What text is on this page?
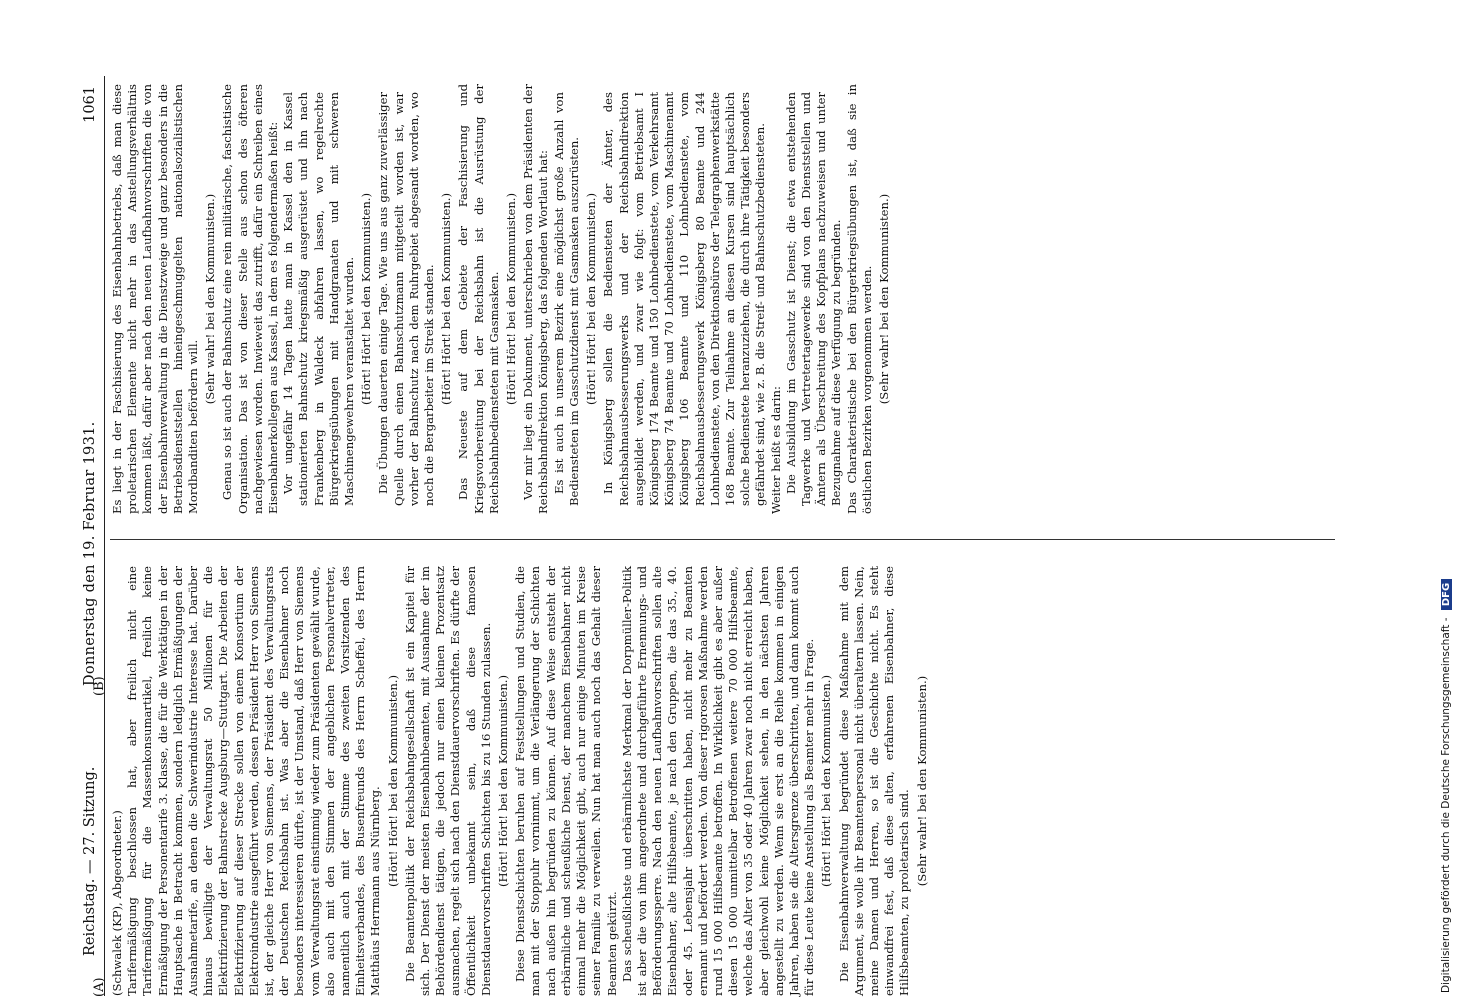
Reichstag. — 27. Sitzung.
Donnerstag den 19. Februar 1931.
1061
(A)
(B)

(Schwalek (KP), Abgeordneter.) Tarifermäßigung beschlossen hat, aber freilich nicht eine Tarifermäßigung für die Massenkonsumartikel, freilich keine Ermäßigung der Personentarife 3. Klasse, die für die Werktätigen in der Hauptsache in Betracht kommen, sondern lediglich Ermäßigungen der Ausnahmetarife, an denen die Schwerindustrie Interesse hat. Darüber hinaus bewilligte der Verwaltungsrat 50 Millionen für die Elektrifizierung der Bahnstrecke Augsburg—Stuttgart. Die Arbeiten der Elektrifizierung auf dieser Strecke sollen von einem Konsortium der Elektroindustrie ausgeführt werden, dessen Präsident Herr von Siemens ist, der gleiche Herr von Siemens, der Präsident des Verwaltungsrats der Deutschen Reichsbahn ist. Was aber die Eisenbahner noch besonders interessieren dürfte, ist der Umstand, daß Herr von Siemens vom Verwaltungsrat einstimmig wieder zum Präsidenten gewählt wurde, also auch mit den Stimmen der angeblichen Personalvertreter, namentlich auch mit der Stimme des zweiten Vorsitzenden des Einheitsverbandes, des Busenfreunds des Herrn Scheffel, des Herrn Matthäus Herrmann aus Nürnberg.

(Hört! Hört! bei den Kommunisten.) Die Beamtenpolitik der Reichsbahngesellschaft ist ein Kapitel für sich. Der Dienst der meisten Eisenbahnbeamten, mit Ausnahme der im Behördendienst tätigen, die jedoch nur einen kleinen Prozentsatz ausmachen, regelt sich nach den Dienstdauervorschriften. Es dürfte der Öffentlichkeit unbekannt sein, daß diese famosen Dienstdauervorschriften Schichten bis zu 16 Stunden zulassen. (Hört! Hört! bei den Kommunisten.) Diese Dienstschichten beruhen auf Feststellungen und Studien, die man mit der Stoppuhr vornimmt, um die Verlängerung der Schichten nach außen hin begründen zu können. Auf diese Weise entsteht der erbärmliche und scheußliche Dienst, der manchem Eisenbahner nicht einmal mehr die Möglichkeit gibt, auch nur einige Minuten im Kreise seiner Familie zu verweilen. Nun hat man auch noch das Gehalt dieser Beamten gekürzt. Das scheußlichste und erbärmlichste Merkmal der Dorpmüller-Politik ist aber die von ihm angeordnete und durchgeführte Ernennungs- und Beförderungssperre. Nach den neuen Laufbahnvorschriften sollen alte Eisenbahner, alte Hilfsbeamte, je nach den Gruppen, die das 35., 40. oder 45. Lebensjahr überschritten haben, nicht mehr zu Beamten ernannt und befördert werden. Von dieser rigorosen Maßnahme werden rund 15 000 Hilfsbeamte betroffen. In Wirklichkeit gibt es aber außer diesen 15 000 unmittelbar Betroffenen weitere 70 000 Hilfsbeamte, welche das Alter von 35 oder 40 Jahren zwar noch nicht erreicht haben, aber gleichwohl keine Möglichkeit sehen, in den nächsten Jahren angestellt zu werden. Wenn sie erst an die Reihe kommen in einigen Jahren, haben sie die Altersgrenze überschritten, und dann kommt auch für diese Leute keine Anstellung als Beamter mehr in Frage. (Hört! Hört! bei den Kommunisten.) Die Eisenbahnverwaltung begründet diese Maßnahme mit dem Argument, sie wolle ihr Beamtenpersonal nicht überaltern lassen. Nein, meine Damen und Herren, so ist die Geschichte nicht. Es steht einwandfrei fest, daß diese alten, erfahrenen Eisenbahner, diese Hilfsbeamten, zu proletarisch sind.

(Sehr wahr! bei den Kommunisten.)

Es liegt in der Faschisierung des Eisenbahnbetriebs, daß man diese proletarischen Elemente nicht mehr in das Anstellungsverhältnis kommen läßt, dafür aber nach den neuen Laufbahnvorschriften die von der Eisenbahnverwaltung in die Dienstzweige und ganz besonders in die Betriebsdienststellen hineingeschmuggelten nationalsozialistischen Mordbanditen befördern will.

(Sehr wahr! bei den Kommunisten.) Genau so ist auch der Bahnschutz eine rein militärische, faschistische Organisation. Das ist von dieser Stelle aus schon des öfteren nachgewiesen worden. Inwieweit das zutrifft, dafür ein Schreiben eines Eisenbahnerkollegen aus Kassel, in dem es folgendermaßen heißt: Vor ungefähr 14 Tagen hatte man in Kassel den in Kassel stationierten Bahnschutz kriegsmäßig ausgerüstet und ihn nach Frankenberg in Waldeck abfahren lassen, wo regelrechte Bürgerkriegsübungen mit Handgranaten und mit schweren Maschinengewehren veranstaltet wurden. (Hört! Hört! bei den Kommunisten.) Die Übungen dauerten einige Tage. Wie uns aus ganz zuverlässiger Quelle durch einen Bahnschutzmann mitgeteilt worden ist, war vorher der Bahnschutz nach dem Ruhrgebiet abgesandt worden, wo noch die Bergarbeiter im Streik standen. (Hört! Hört! bei den Kommunisten.) Das Neueste auf dem Gebiete der Faschisierung und Kriegsvorbereitung bei der Reichsbahn ist die Ausrüstung der Reichsbahnbediensteten mit Gasmasken. (Hört! Hört! bei den Kommunisten.) Vor mir liegt ein Dokument, unterschrieben von dem Präsidenten der Reichsbahndirektion Königsberg, das folgenden Wortlaut hat: Es ist auch in unserem Bezirk eine möglichst große Anzahl von Bediensteten im Gasschutzdienst mit Gasmasken auszurüsten. (Hört! Hört! bei den Kommunisten.) In Königsberg sollen die Bediensteten der Ämter, des Reichsbahnausbesserungswerks und der Reichsbahndirektion ausgebildet werden, und zwar wie folgt: vom Betriebsamt I Königsberg 174 Beamte und 150 Lohnbedienstete, vom Verkehrsamt Königsberg 74 Beamte und 70 Lohnbedienstete, vom Maschinenamt Königsberg 106 Beamte und 110 Lohnbedienstete, vom Reichsbahnausbesserungswerk Königsberg 80 Beamte und 244 Lohnbedienstete, von den Direktionsbüros der Telegraphenwerkstätte 168 Beamte. Zur Teilnahme an diesen Kursen sind hauptsächlich solche Bedienstete heranzuziehen, die durch ihre Tätigkeit besonders gefährdet sind, wie z. B. die Streif- und Bahnschutzbediensteten. Weiter heißt es darin: Die Ausbildung im Gasschutz ist Dienst; die etwa entstehenden Tagwerke und Vertretertagewerke sind von den Dienststellen und Ämtern als Überschreitung des Kopfplans nachzuweisen und unter Bezugnahme auf diese Verfügung zu begründen. Das Charakteristische bei den Bürgerkriegsübungen ist, daß sie in östlichen Bezirken vorgenommen werden. (Sehr wahr! bei den Kommunisten.)

Digitalisierung gefördert durch die Deutsche Forschungsgemeinschaft - DFG
